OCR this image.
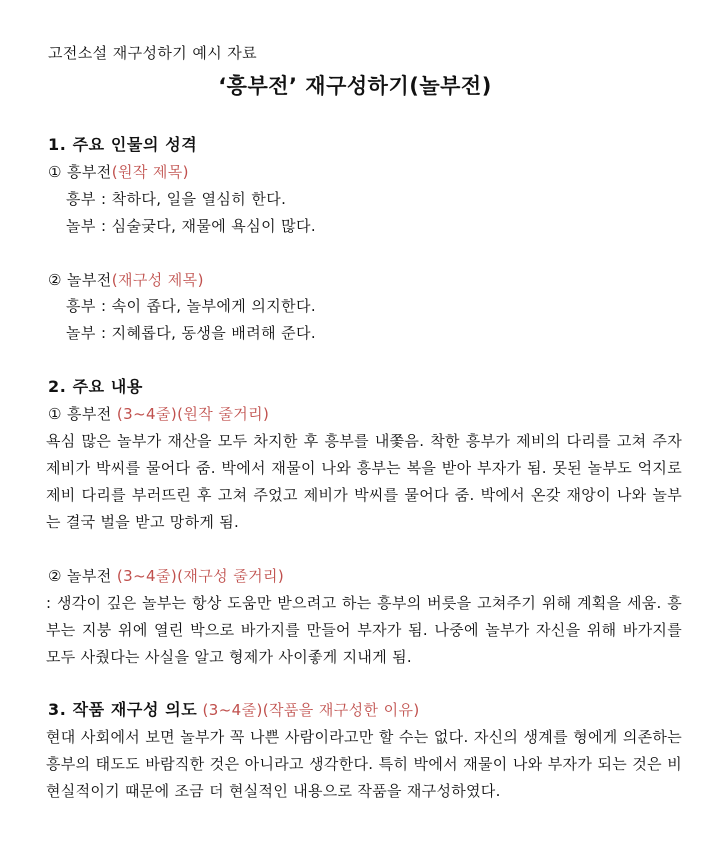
고전소설 재구성하기 예시 자료
‘흥부전’ 재구성하기(놀부전)
1. 주요 인물의 성격
① 흥부전(원작 제목)
흥부 : 착하다, 일을 열심히 한다.
놀부 : 심술궂다, 재물에 욕심이 많다.
② 놀부전(재구성 제목)
흥부 : 속이 좁다, 놀부에게 의지한다.
놀부 : 지혜롭다, 동생을 배려해 준다.
2. 주요 내용
① 흥부전 (3~4줄)(원작 줄거리)
욕심 많은 놀부가 재산을 모두 차지한 후 흥부를 내쫓음. 착한 흥부가 제비의 다리를 고쳐 주자 제비가 박씨를 물어다 줌. 박에서 재물이 나와 흥부는 복을 받아 부자가 됨. 못된 놀부도 억지로 제비 다리를 부러뜨린 후 고쳐 주었고 제비가 박씨를 물어다 줌. 박에서 온갖 재앙이 나와 놀부는 결국 벌을 받고 망하게 됨.
② 놀부전 (3~4줄)(재구성 줄거리)
: 생각이 깊은 놀부는 항상 도움만 받으려고 하는 흥부의 버릇을 고쳐주기 위해 계획을 세움. 흥부는 지붕 위에 열린 박으로 바가지를 만들어 부자가 됨. 나중에 놀부가 자신을 위해 바가지를 모두 사줬다는 사실을 알고 형제가 사이좋게 지내게 됨.
3. 작품 재구성 의도 (3~4줄)(작품을 재구성한 이유)
현대 사회에서 보면 놀부가 꼭 나쁜 사람이라고만 할 수는 없다. 자신의 생계를 형에게 의존하는 흥부의 태도도 바람직한 것은 아니라고 생각한다. 특히 박에서 재물이 나와 부자가 되는 것은 비현실적이기 때문에 조금 더 현실적인 내용으로 작품을 재구성하였다.
